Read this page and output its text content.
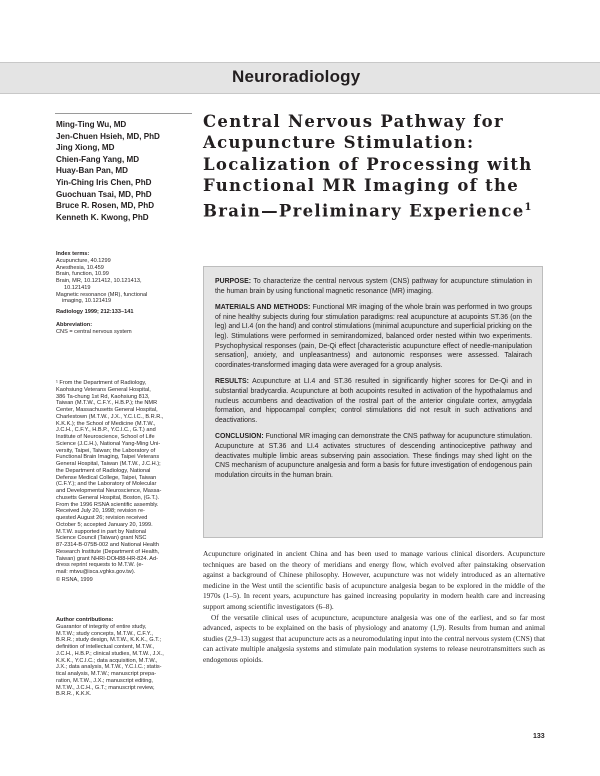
Neuroradiology
Ming-Ting Wu, MD
Jen-Chuen Hsieh, MD, PhD
Jing Xiong, MD
Chien-Fang Yang, MD
Huay-Ban Pan, MD
Yin-Ching Iris Chen, PhD
Guochuan Tsai, MD, PhD
Bruce R. Rosen, MD, PhD
Kenneth K. Kwong, PhD
Index terms:
Acupuncture, 40.1299
Anesthesia, 10.459
Brain, function, 10.99
Brain, MR, 10.121412, 10.121413,
10.121419
Magnetic resonance (MR), functional
imaging, 10.121419
Radiology 1999; 212:133–141
Abbreviation:
CNS = central nervous system
¹ From the Department of Radiology,
Kaohsiung Veterans General Hospital,
386 Ta-chung 1st Rd, Kaohsiung 813,
Taiwan (M.T.W., C.F.Y., H.B.P.); the NMR
Center, Massachusetts General Hospital,
Charlestown (M.T.W., J.X., Y.C.I.C., B.R.R.,
K.K.K.); the School of Medicine (M.T.W.,
J.C.H., C.F.Y., H.B.P., Y.C.I.C., G.T.) and
Institute of Neuroscience, School of Life
Science (J.C.H.), National Yang-Ming Uni-
versity, Taipei, Taiwan; the Laboratory of
Functional Brain Imaging, Taipei Veterans
General Hospital, Taiwan (M.T.W., J.C.H.);
the Department of Radiology, National
Defense Medical College, Taipei, Taiwan
(C.F.Y.); and the Laboratory of Molecular
and Developmental Neuroscience, Massa-
chusetts General Hospital, Boston, (G.T.).
From the 1996 RSNA scientific assembly.
Received July 20, 1998; revision re-
quested August 26; revision received
October 5; accepted January 20, 1999.
M.T.W. supported in part by National
Science Council (Taiwan) grant NSC
87-2314-B-075B-002 and National Health
Research Institute (Department of Health,
Taiwan) grant NHRI-DOH88-HR-824. Ad-
dress reprint requests to M.T.W. (e-
mail: mtwu@isca.vghks.gov.tw).
© RSNA, 1999
Author contributions:
Guarantor of integrity of entire study,
M.T.W.; study concepts, M.T.W., C.F.Y.,
B.R.R.; study design, M.T.W., K.K.K., G.T.;
definition of intellectual content, M.T.W.,
J.C.H., H.B.P.; clinical studies, M.T.W., J.X.,
K.K.K., Y.C.I.C.; data acquisition, M.T.W.,
J.X.; data analysis, M.T.W., Y.C.I.C.; statis-
tical analysis, M.T.W.; manuscript prepa-
ration, M.T.W., J.X.; manuscript editing,
M.T.W., J.C.H., G.T.; manuscript review,
B.R.R., K.K.K.
Central Nervous Pathway for Acupuncture Stimulation: Localization of Processing with Functional MR Imaging of the Brain—Preliminary Experience$^1$

PURPOSE: To characterize the central nervous system (CNS) pathway for acupuncture stimulation in the human brain by using functional magnetic resonance (MR) imaging.

MATERIALS AND METHODS: Functional MR imaging of the whole brain was performed in two groups of nine healthy subjects during four stimulation paradigms: real acupuncture at acupoints ST.36 (on the leg) and LI.4 (on the hand) and control stimulations (minimal acupuncture and superficial pricking on the leg). Stimulations were performed in semirandomized, balanced order nested within two experiments. Psychophysical responses (pain, De-Qi effect [characteristic acupuncture effect of needle-manipulation sensation], anxiety, and unpleasantness) and autonomic responses were assessed. Talairach coordinates-transformed imaging data were averaged for a group analysis.

RESULTS: Acupuncture at LI.4 and ST.36 resulted in significantly higher scores for De-Qi and in substantial bradycardia. Acupuncture at both acupoints resulted in activation of the hypothalamus and nucleus accumbens and deactivation of the rostral part of the anterior cingulate cortex, amygdala formation, and hippocampal complex; control stimulations did not result in such activations and deactivations.

CONCLUSION: Functional MR imaging can demonstrate the CNS pathway for acupuncture stimulation. Acupuncture at ST.36 and LI.4 activates structures of descending antinociceptive pathway and deactivates multiple limbic areas subserving pain association. These findings may shed light on the CNS mechanism of acupuncture analgesia and form a basis for future investigation of endogenous pain modulation circuits in the human brain.

Acupuncture originated in ancient China and has been used to manage various clinical disorders. Acupuncture techniques are based on the theory of meridians and energy flow, which evolved after painstaking observation against a background of Chinese philosophy. However, acupuncture was not widely introduced as an alternative medicine in the West until the scientific basis of acupuncture analgesia began to be explored in the middle of the 1970s (1–5). In recent years, acupuncture has gained increasing popularity in modern health care and increasing support among scientific investigators (6–8).

Of the versatile clinical uses of acupuncture, acupuncture analgesia was one of the earliest, and so far most advanced, aspects to be explained on the basis of physiology and anatomy (1,9). Results from human and animal studies (2,9–13) suggest that acupuncture acts as a neuromodulating input into the central nervous system (CNS) that can activate multiple analgesia systems and stimulate pain modulation systems to release neurotransmitters such as endogenous opioids.

133
